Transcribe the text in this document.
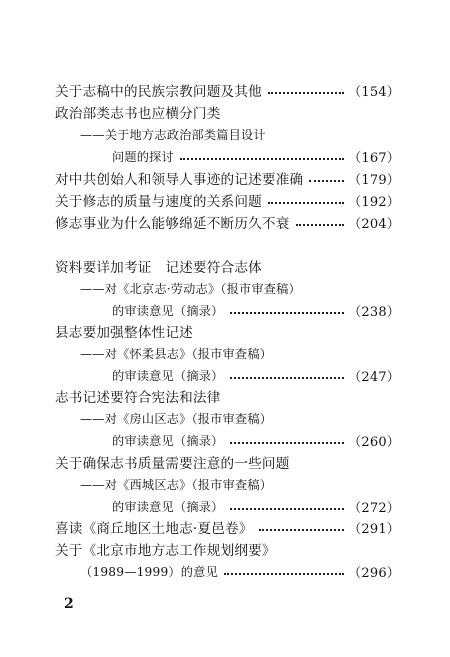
关于志稿中的民族宗教问题及其他	（154）
政治部类志书也应横分门类
——关于地方志政治部类篇目设计
问题的探讨	（167）
对中共创始人和领导人事迹的记述要准确	（179）
关于修志的质量与速度的关系问题	（192）
修志事业为什么能够绵延不断历久不衰	（204）
资料要详加考证　记述要符合志体
——对《北京志·劳动志》（报市审查稿）
的审读意见（摘录）	（238）
县志要加强整体性记述
——对《怀柔县志》（报市审查稿）
的审读意见（摘录）	（247）
志书记述要符合宪法和法律
——对《房山区志》（报市审查稿）
的审读意见（摘录）	（260）
关于确保志书质量需要注意的一些问题
——对《西城区志》（报市审查稿）
的审读意见（摘录）	（272）
喜读《商丘地区土地志·夏邑卷》	（291）
关于《北京市地方志工作规划纲要》
（1989—1999）的意见	（296）
2
